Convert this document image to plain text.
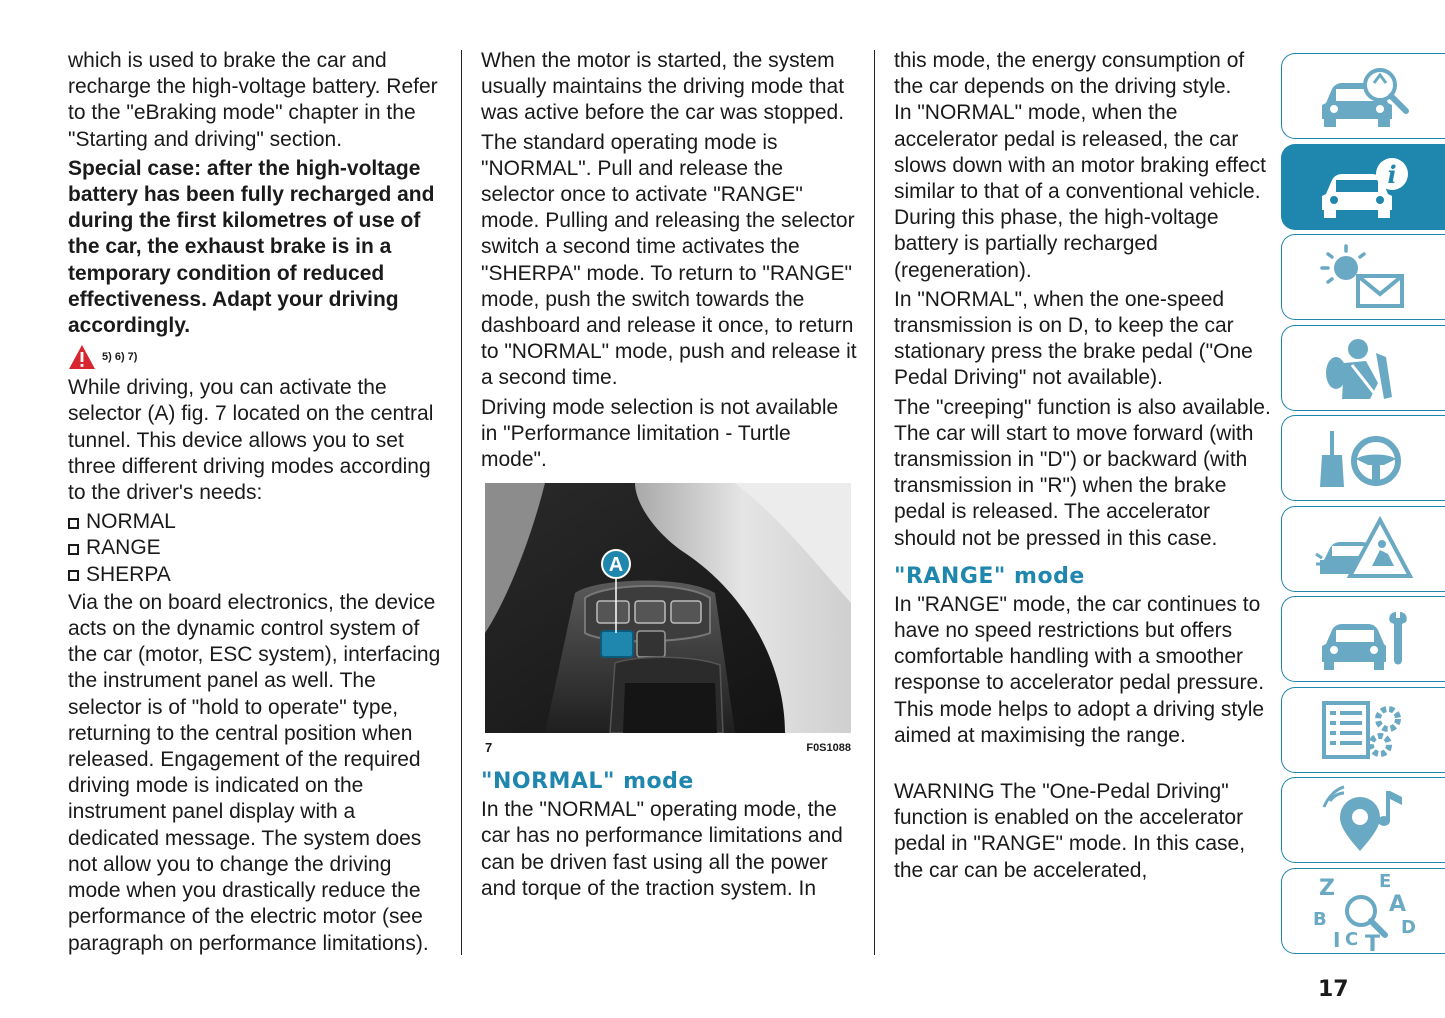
which is used to brake the car and recharge the high-voltage battery. Refer to the "eBraking mode" chapter in the "Starting and driving" section.

Special case: after the high-voltage battery has been fully recharged and during the first kilometres of use of the car, the exhaust brake is in a temporary condition of reduced effectiveness. Adapt your driving accordingly.

5) 6) 7)

While driving, you can activate the selector (A) fig. 7 located on the central tunnel. This device allows you to set three different driving modes according to the driver's needs:

NORMAL
RANGE
SHERPA

Via the on board electronics, the device acts on the dynamic control system of the car (motor, ESC system), interfacing the instrument panel as well. The selector is of "hold to operate" type, returning to the central position when released. Engagement of the required driving mode is indicated on the instrument panel display with a dedicated message. The system does not allow you to change the driving mode when you drastically reduce the performance of the electric motor (see paragraph on performance limitations).

When the motor is started, the system usually maintains the driving mode that was active before the car was stopped.

The standard operating mode is "NORMAL". Pull and release the selector once to activate "RANGE" mode. Pulling and releasing the selector switch a second time activates the "SHERPA" mode. To return to "RANGE" mode, push the switch towards the dashboard and release it once, to return to "NORMAL" mode, push and release it a second time.

Driving mode selection is not available in "Performance limitation - Turtle mode".

A
7	F0S1088
"NORMAL" mode

In the "NORMAL" operating mode, the car has no performance limitations and can be driven fast using all the power and torque of the traction system. In

this mode, the energy consumption of the car depends on the driving style.

In "NORMAL" mode, when the accelerator pedal is released, the car slows down with an motor braking effect similar to that of a conventional vehicle. During this phase, the high-voltage battery is partially recharged (regeneration).

In "NORMAL", when the one-speed transmission is on D, to keep the car stationary press the brake pedal ("One Pedal Driving" not available).

The "creeping" function is also available. The car will start to move forward (with transmission in "D") or backward (with transmission in "R") when the brake pedal is released. The accelerator should not be pressed in this case.

"RANGE" mode

In "RANGE" mode, the car continues to have no speed restrictions but offers comfortable handling with a smoother response to accelerator pedal pressure. This mode helps to adopt a driving style aimed at maximising the range.

WARNING The "One-Pedal Driving" function is enabled on the accelerator pedal in "RANGE" mode. In this case, the car can be accelerated,

i
Z E
A
B	D
I C T
17
